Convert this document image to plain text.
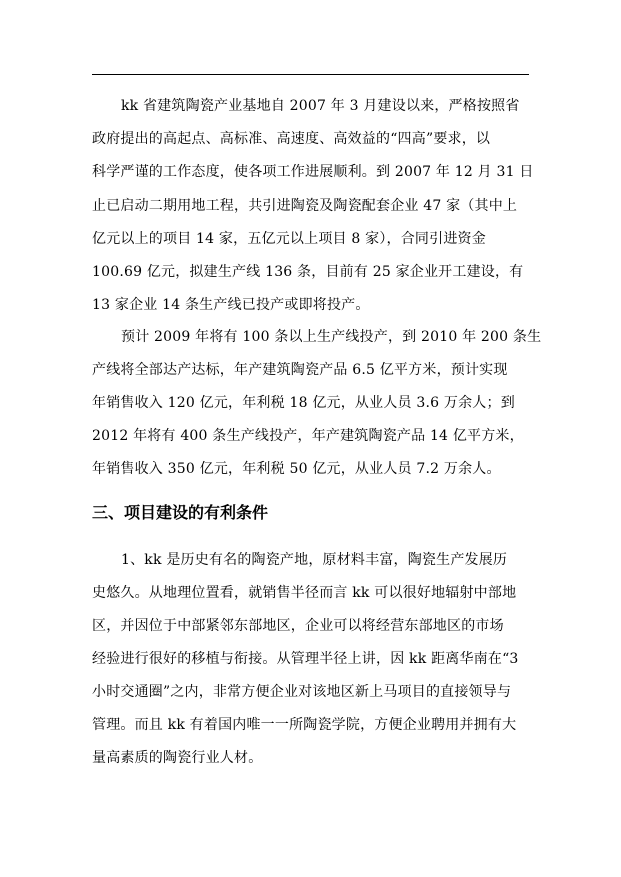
kk 省建筑陶瓷产业基地自 2007 年 3 月建设以来，严格按照省
政府提出的高起点、高标准、高速度、高效益的“四高”要求，以
科学严谨的工作态度，使各项工作进展顺利。到 2007 年 12 月 31 日
止已启动二期用地工程，共引进陶瓷及陶瓷配套企业 47 家（其中上
亿元以上的项目 14 家，五亿元以上项目 8 家），合同引进资金
100.69 亿元，拟建生产线 136 条，目前有 25 家企业开工建设，有
13 家企业 14 条生产线已投产或即将投产。
预计 2009 年将有 100 条以上生产线投产，到 2010 年 200 条生
产线将全部达产达标，年产建筑陶瓷产品 6.5 亿平方米，预计实现
年销售收入 120 亿元，年利税 18 亿元，从业人员 3.6 万余人；到
2012 年将有 400 条生产线投产，年产建筑陶瓷产品 14 亿平方米，
年销售收入 350 亿元，年利税 50 亿元，从业人员 7.2 万余人。
三、项目建设的有利条件
1、kk 是历史有名的陶瓷产地，原材料丰富，陶瓷生产发展历
史悠久。从地理位置看，就销售半径而言 kk 可以很好地辐射中部地
区，并因位于中部紧邻东部地区，企业可以将经营东部地区的市场
经验进行很好的移植与衔接。从管理半径上讲，因 kk 距离华南在“3
小时交通圈”之内，非常方便企业对该地区新上马项目的直接领导与
管理。而且 kk 有着国内唯一一所陶瓷学院，方便企业聘用并拥有大
量高素质的陶瓷行业人材。
